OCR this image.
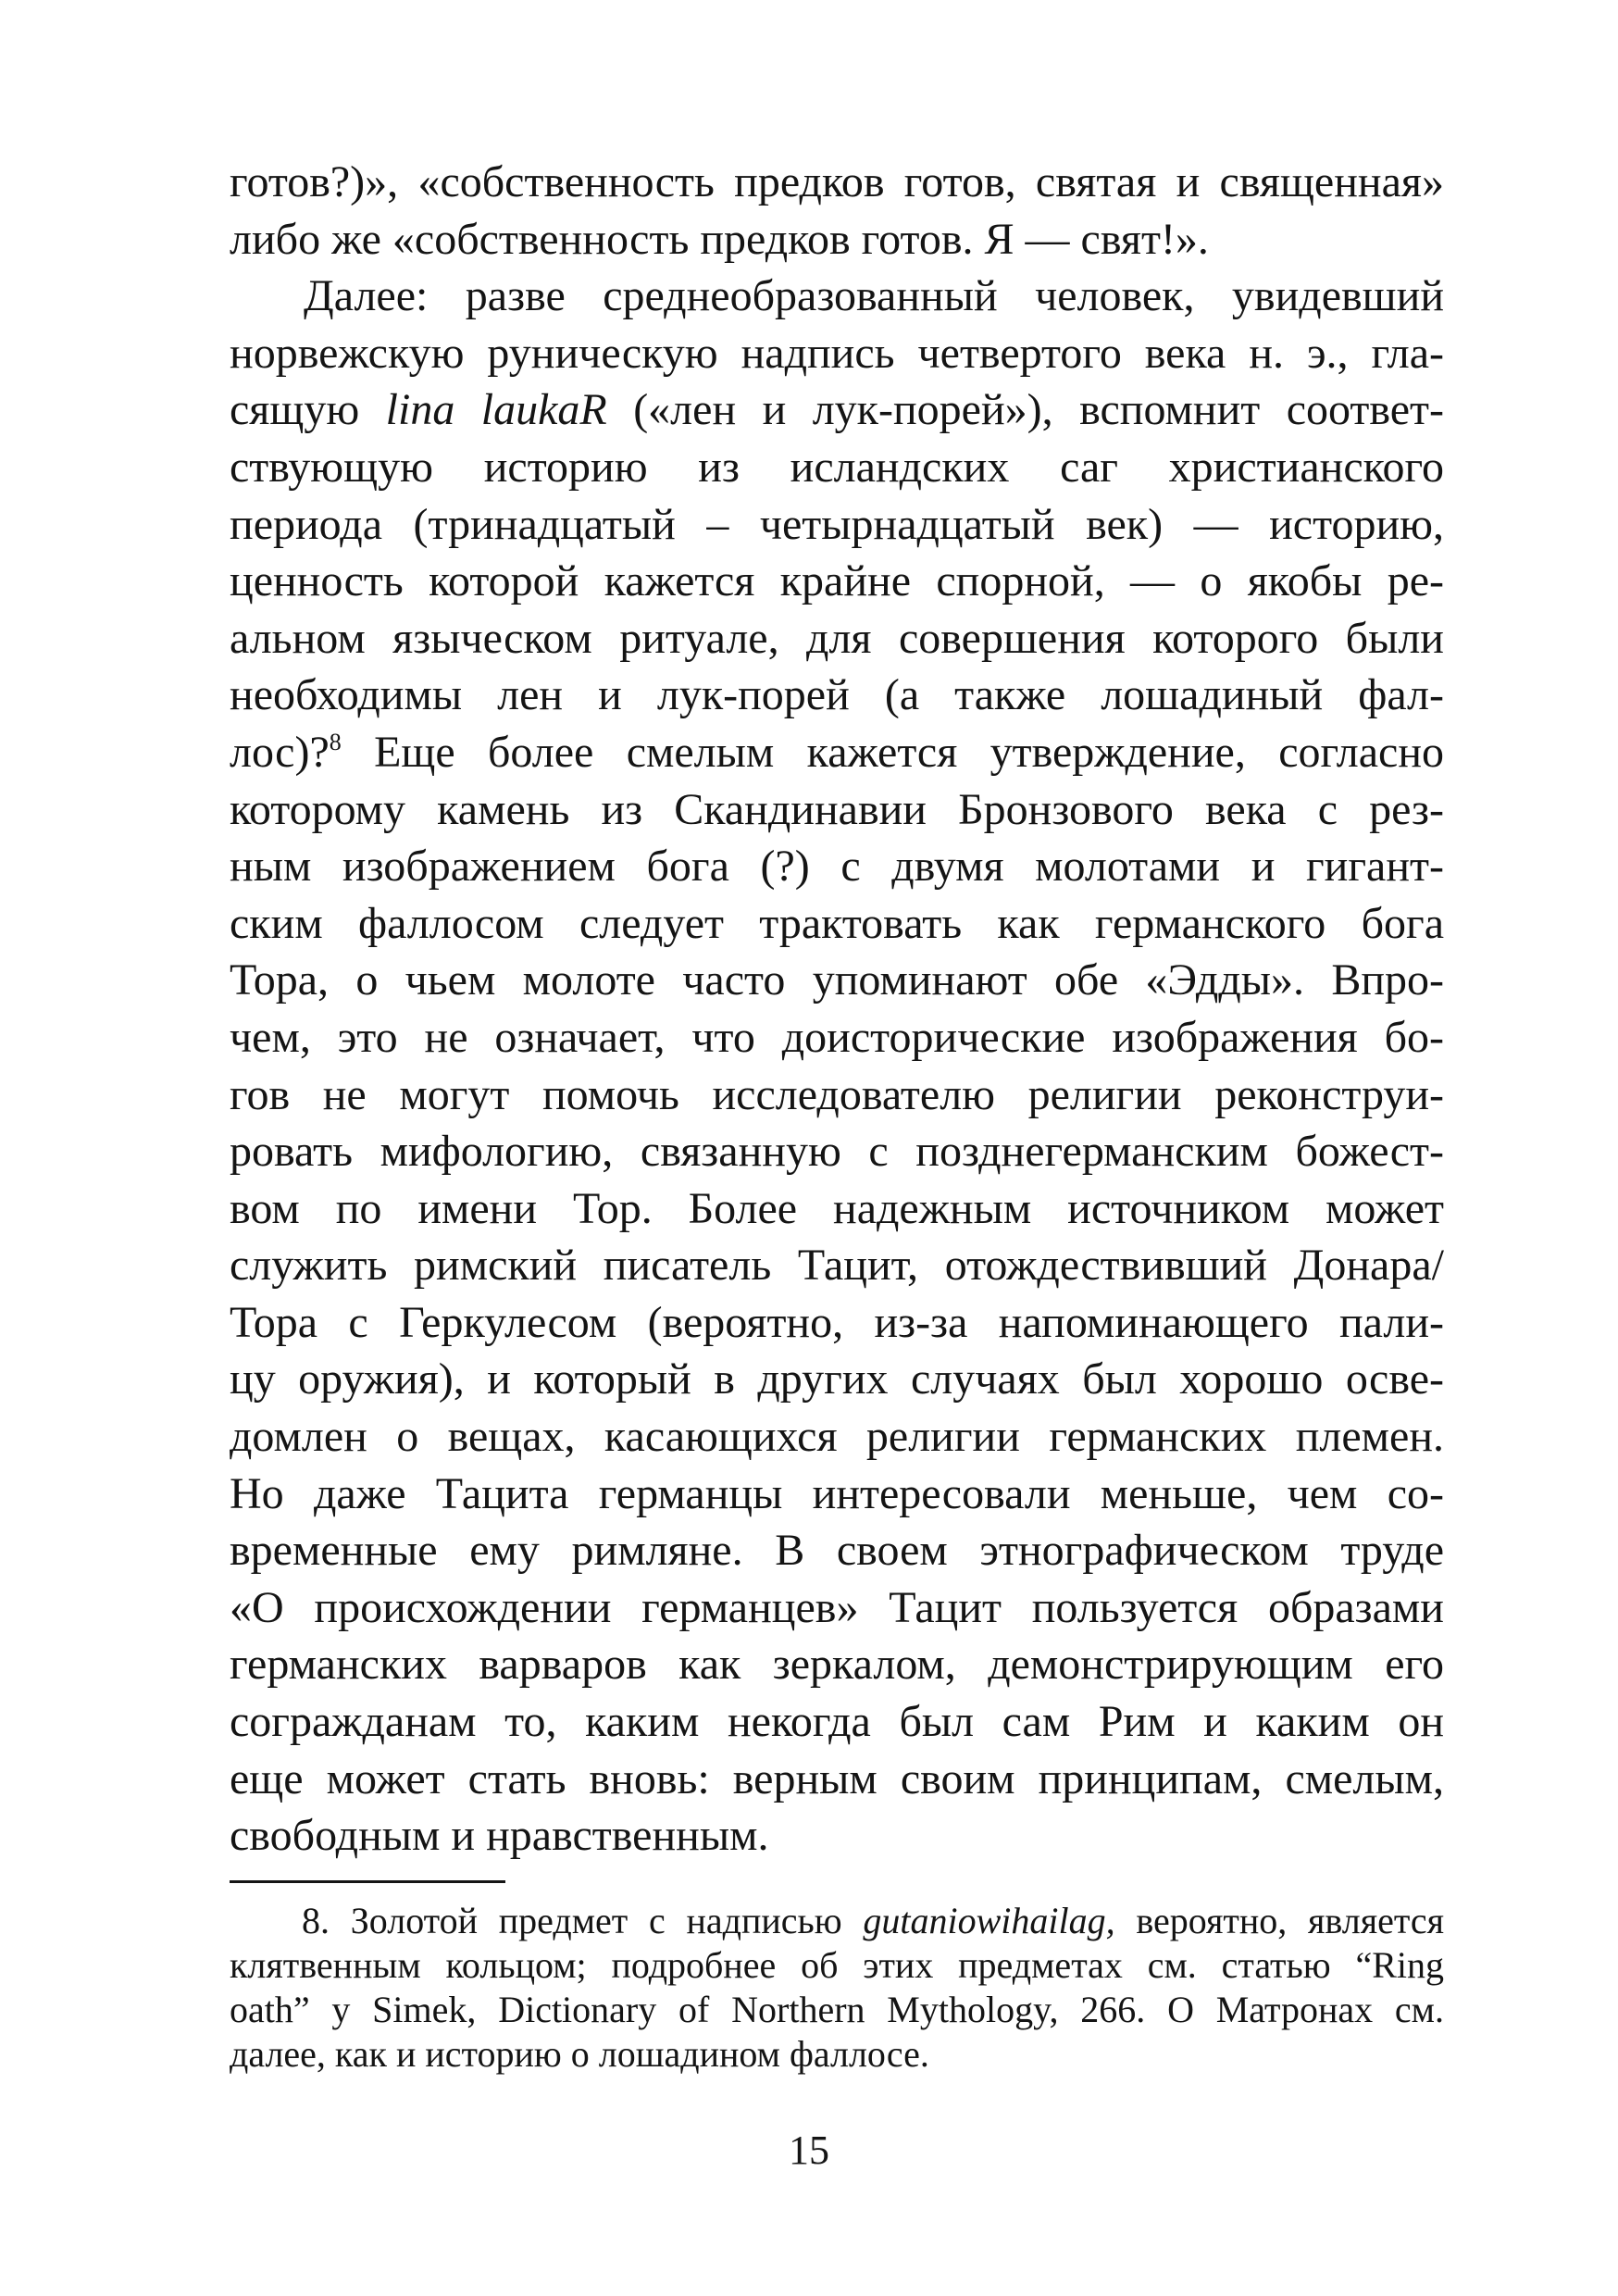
готов?)», «собственность предков готов, святая и священная»
либо же «собственность предков готов. Я — свят!».
Далее: разве среднеобразованный человек, увидевший
норвежскую руническую надпись четвертого века н. э., гла-
сящую lina laukaR («лен и лук-порей»), вспомнит соответ-
ствующую историю из исландских саг христианского
периода (тринадцатый – четырнадцатый век) — историю,
ценность которой кажется крайне спорной, — о якобы ре-
альном языческом ритуале, для совершения которого были
необходимы лен и лук-порей (а также лошадиный фал-
лос)?$^8$ Еще более смелым кажется утверждение, согласно
которому камень из Скандинавии Бронзового века с рез-
ным изображением бога (?) с двумя молотами и гигант-
ским фаллосом следует трактовать как германского бога
Тора, о чьем молоте часто упоминают обе «Эдды». Впро-
чем, это не означает, что доисторические изображения бо-
гов не могут помочь исследователю религии реконструи-
ровать мифологию, связанную с позднегерманским божест-
вом по имени Тор. Более надежным источником может
служить римский писатель Тацит, отождествивший Донара/
Тора с Геркулесом (вероятно, из-за напоминающего пали-
цу оружия), и который в других случаях был хорошо осве-
домлен о вещах, касающихся религии германских племен.
Но даже Тацита германцы интересовали меньше, чем со-
временные ему римляне. В своем этнографическом труде
«О происхождении германцев» Тацит пользуется образами
германских варваров как зеркалом, демонстрирующим его
согражданам то, каким некогда был сам Рим и каким он
еще может стать вновь: верным своим принципам, смелым,
свободным и нравственным.
8. Золотой предмет с надписью gutaniowihailag, вероятно, является
клятвенным кольцом; подробнее об этих предметах см. статью “Ring
oath” у Simek, Dictionary of Northern Mythology, 266. О Матронах см.
далее, как и историю о лошадином фаллосе.
15
